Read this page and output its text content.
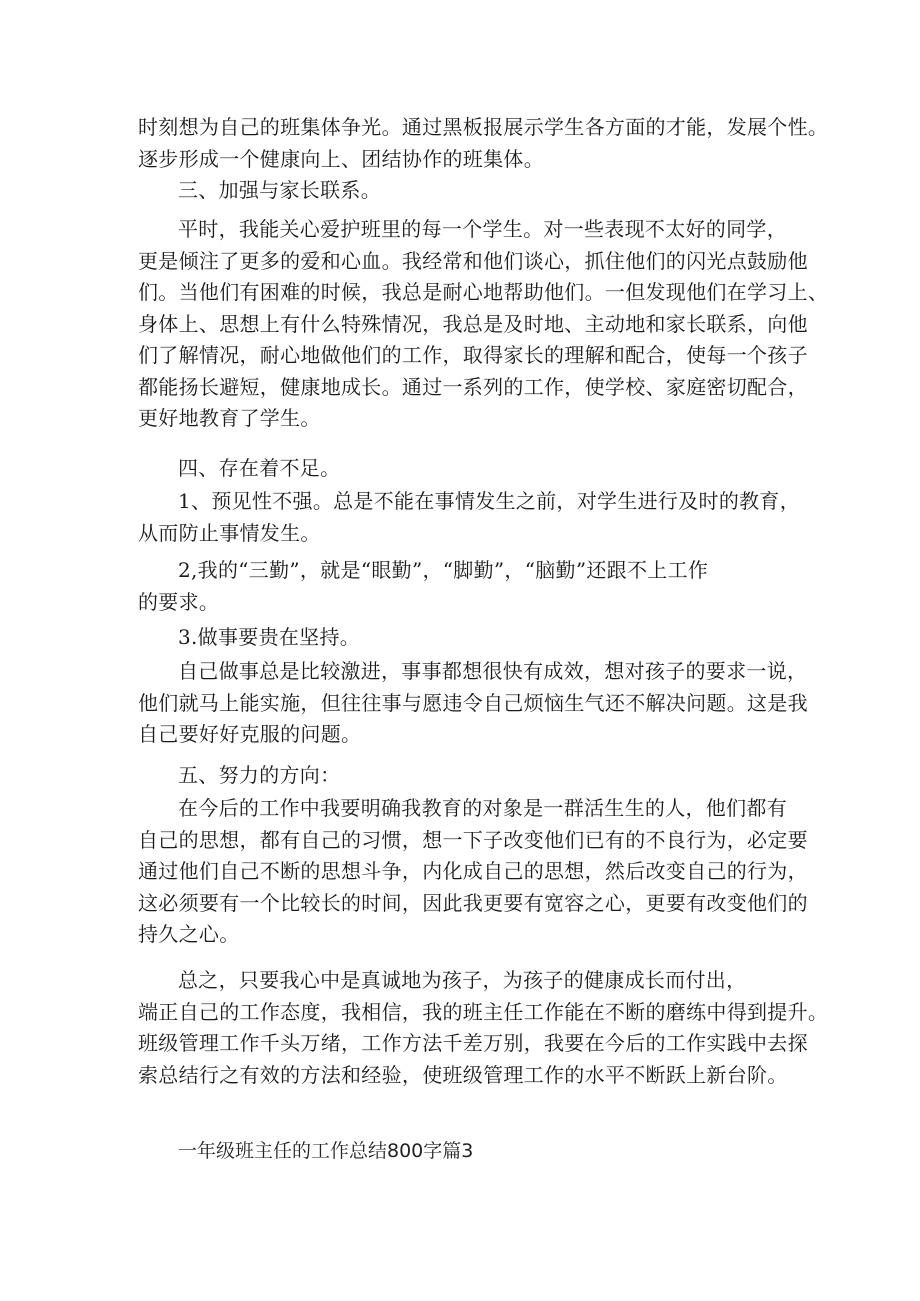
时刻想为自己的班集体争光。通过黑板报展示学生各方面的才能，发展个性。
逐步形成一个健康向上、团结协作的班集体。
三、加强与家长联系。
平时，我能关心爱护班里的每一个学生。对一些表现不太好的同学，
更是倾注了更多的爱和心血。我经常和他们谈心，抓住他们的闪光点鼓励他
们。当他们有困难的时候，我总是耐心地帮助他们。一但发现他们在学习上、
身体上、思想上有什么特殊情况，我总是及时地、主动地和家长联系，向他
们了解情况，耐心地做他们的工作，取得家长的理解和配合，使每一个孩子
都能扬长避短，健康地成长。通过一系列的工作，使学校、家庭密切配合，
更好地教育了学生。
四、存在着不足。
1、预见性不强。总是不能在事情发生之前，对学生进行及时的教育，
从而防止事情发生。
2,我的“三勤”，就是“眼勤”，“脚勤”，“脑勤”还跟不上工作
的要求。
3.做事要贵在坚持。
自己做事总是比较激进，事事都想很快有成效，想对孩子的要求一说，
他们就马上能实施，但往往事与愿违令自己烦恼生气还不解决问题。这是我
自己要好好克服的问题。
五、努力的方向：
在今后的工作中我要明确我教育的对象是一群活生生的人，他们都有
自己的思想，都有自己的习惯，想一下子改变他们已有的不良行为，必定要
通过他们自己不断的思想斗争，内化成自己的思想，然后改变自己的行为，
这必须要有一个比较长的时间，因此我更要有宽容之心，更要有改变他们的
持久之心。
总之，只要我心中是真诚地为孩子，为孩子的健康成长而付出，
端正自己的工作态度，我相信，我的班主任工作能在不断的磨练中得到提升。
班级管理工作千头万绪，工作方法千差万别，我要在今后的工作实践中去探
索总结行之有效的方法和经验，使班级管理工作的水平不断跃上新台阶。
一年级班主任的工作总结800字篇3
